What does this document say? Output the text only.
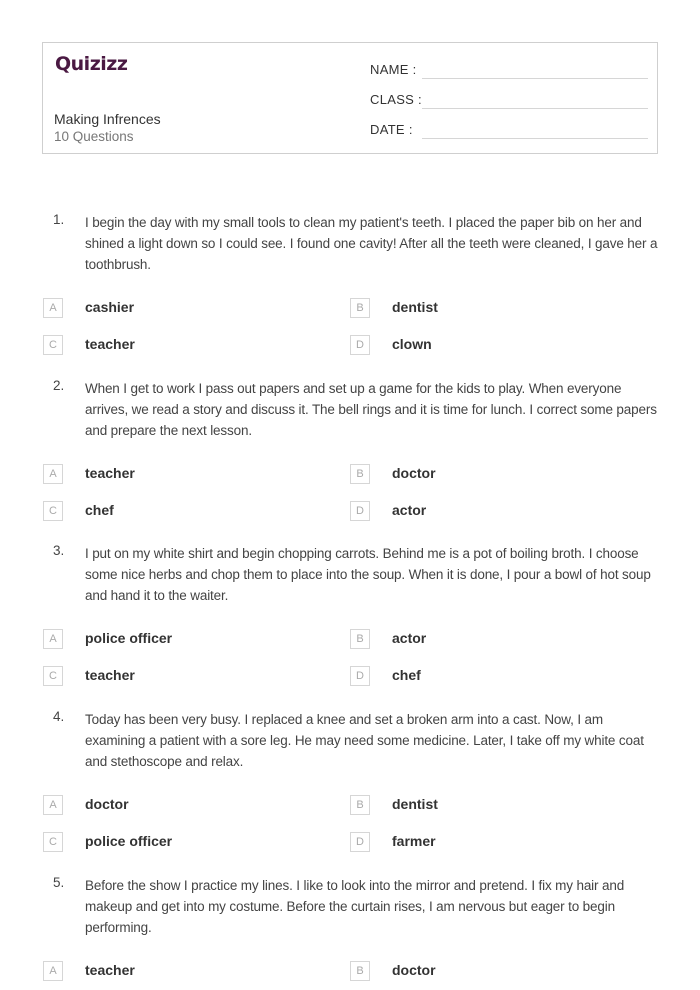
Quizizz
Making Infrences
10 Questions
NAME :
CLASS :
DATE :
1. I begin the day with my small tools to clean my patient's teeth. I placed the paper bib on her and shined a light down so I could see. I found one cavity! After all the teeth were cleaned, I gave her a toothbrush.
A	cashier	B	dentist
C	teacher	D	clown
2. When I get to work I pass out papers and set up a game for the kids to play. When everyone arrives, we read a story and discuss it. The bell rings and it is time for lunch. I correct some papers and prepare the next lesson.
A	teacher	B	doctor
C	chef	D	actor
3. I put on my white shirt and begin chopping carrots. Behind me is a pot of boiling broth. I choose some nice herbs and chop them to place into the soup. When it is done, I pour a bowl of hot soup and hand it to the waiter.
A	police officer	B	actor
C	teacher	D	chef
4. Today has been very busy. I replaced a knee and set a broken arm into a cast. Now, I am examining a patient with a sore leg. He may need some medicine. Later, I take off my white coat and stethoscope and relax.
A	doctor	B	dentist
C	police officer	D	farmer
5. Before the show I practice my lines. I like to look into the mirror and pretend. I fix my hair and makeup and get into my costume. Before the curtain rises, I am nervous but eager to begin performing.
A	teacher	B	doctor
